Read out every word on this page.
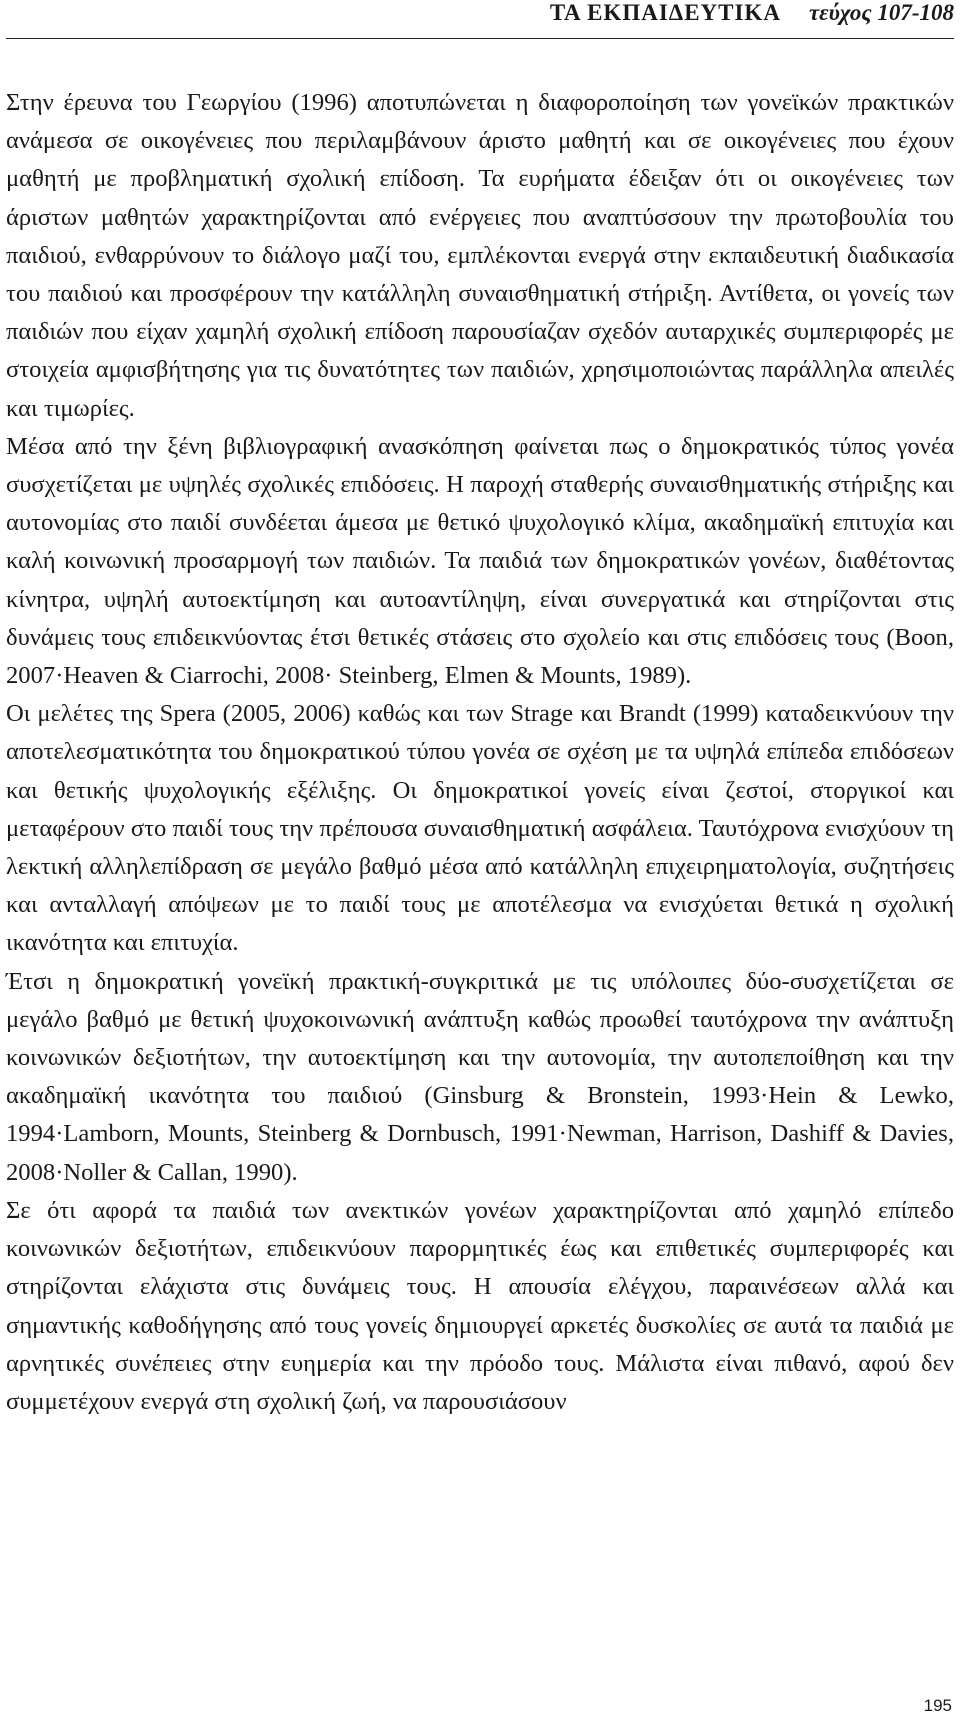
ΤΑ ΕΚΠΑΙΔΕΥΤΙΚΑ τεύχος 107-108

Στην έρευνα του Γεωργίου (1996) αποτυπώνεται η διαφοροποίηση των γονεϊκών πρακτικών ανάμεσα σε οικογένειες που περιλαμβάνουν άριστο μαθητή και σε οικογένειες που έχουν μαθητή με προβληματική σχολική επίδοση. Τα ευρήματα έδειξαν ότι οι οικογένειες των άριστων μαθητών χαρακτηρίζονται από ενέργειες που αναπτύσσουν την πρωτοβουλία του παιδιού, ενθαρρύνουν το διάλογο μαζί του, εμπλέκονται ενεργά στην εκπαιδευτική διαδικασία του παιδιού και προσφέρουν την κατάλληλη συναισθηματική στήριξη. Αντίθετα, οι γονείς των παιδιών που είχαν χαμηλή σχολική επίδοση παρουσίαζαν σχεδόν αυταρχικές συμπεριφορές με στοιχεία αμφισβήτησης για τις δυνατότητες των παιδιών, χρησιμοποιώντας παράλληλα απειλές και τιμωρίες.

Μέσα από την ξένη βιβλιογραφική ανασκόπηση φαίνεται πως ο δημοκρατικός τύπος γονέα συσχετίζεται με υψηλές σχολικές επιδόσεις. Η παροχή σταθερής συναισθηματικής στήριξης και αυτονομίας στο παιδί συνδέεται άμεσα με θετικό ψυχολογικό κλίμα, ακαδημαϊκή επιτυχία και καλή κοινωνική προσαρμογή των παιδιών. Τα παιδιά των δημοκρατικών γονέων, διαθέτοντας κίνητρα, υψηλή αυτοεκτίμηση και αυτοαντίληψη, είναι συνεργατικά και στηρίζονται στις δυνάμεις τους επιδεικνύοντας έτσι θετικές στάσεις στο σχολείο και στις επιδόσεις τους (Boon, 2007·Heaven & Ciarrochi, 2008· Steinberg, Elmen & Mounts, 1989).

Οι μελέτες της Spera (2005, 2006) καθώς και των Strage και Brandt (1999) καταδεικνύουν την αποτελεσματικότητα του δημοκρατικού τύπου γονέα σε σχέση με τα υψηλά επίπεδα επιδόσεων και θετικής ψυχολογικής εξέλιξης. Οι δημοκρατικοί γονείς είναι ζεστοί, στοργικοί και μεταφέρουν στο παιδί τους την πρέπουσα συναισθηματική ασφάλεια. Ταυτόχρονα ενισχύουν τη λεκτική αλληλεπίδραση σε μεγάλο βαθμό μέσα από κατάλληλη επιχειρηματολογία, συζητήσεις και ανταλλαγή απόψεων με το παιδί τους με αποτέλεσμα να ενισχύεται θετικά η σχολική ικανότητα και επιτυχία.

Έτσι η δημοκρατική γονεϊκή πρακτική-συγκριτικά με τις υπόλοιπες δύο-συσχετίζεται σε μεγάλο βαθμό με θετική ψυχοκοινωνική ανάπτυξη καθώς προωθεί ταυτόχρονα την ανάπτυξη κοινωνικών δεξιοτήτων, την αυτοεκτίμηση και την αυτονομία, την αυτοπεποίθηση και την ακαδημαϊκή ικανότητα του παιδιού (Ginsburg & Bronstein, 1993·Hein & Lewko, 1994·Lamborn, Mounts, Steinberg & Dornbusch, 1991·Newman, Harrison, Dashiff & Davies, 2008·Noller & Callan, 1990).

Σε ότι αφορά τα παιδιά των ανεκτικών γονέων χαρακτηρίζονται από χαμηλό επίπεδο κοινωνικών δεξιοτήτων, επιδεικνύουν παρορμητικές έως και επιθετικές συμπεριφορές και στηρίζονται ελάχιστα στις δυνάμεις τους. Η απουσία ελέγχου, παραινέσεων αλλά και σημαντικής καθοδήγησης από τους γονείς δημιουργεί αρκετές δυσκολίες σε αυτά τα παιδιά με αρνητικές συνέπειες στην ευημερία και την πρόοδο τους. Μάλιστα είναι πιθανό, αφού δεν συμμετέχουν ενεργά στη σχολική ζωή, να παρουσιάσουν

195
